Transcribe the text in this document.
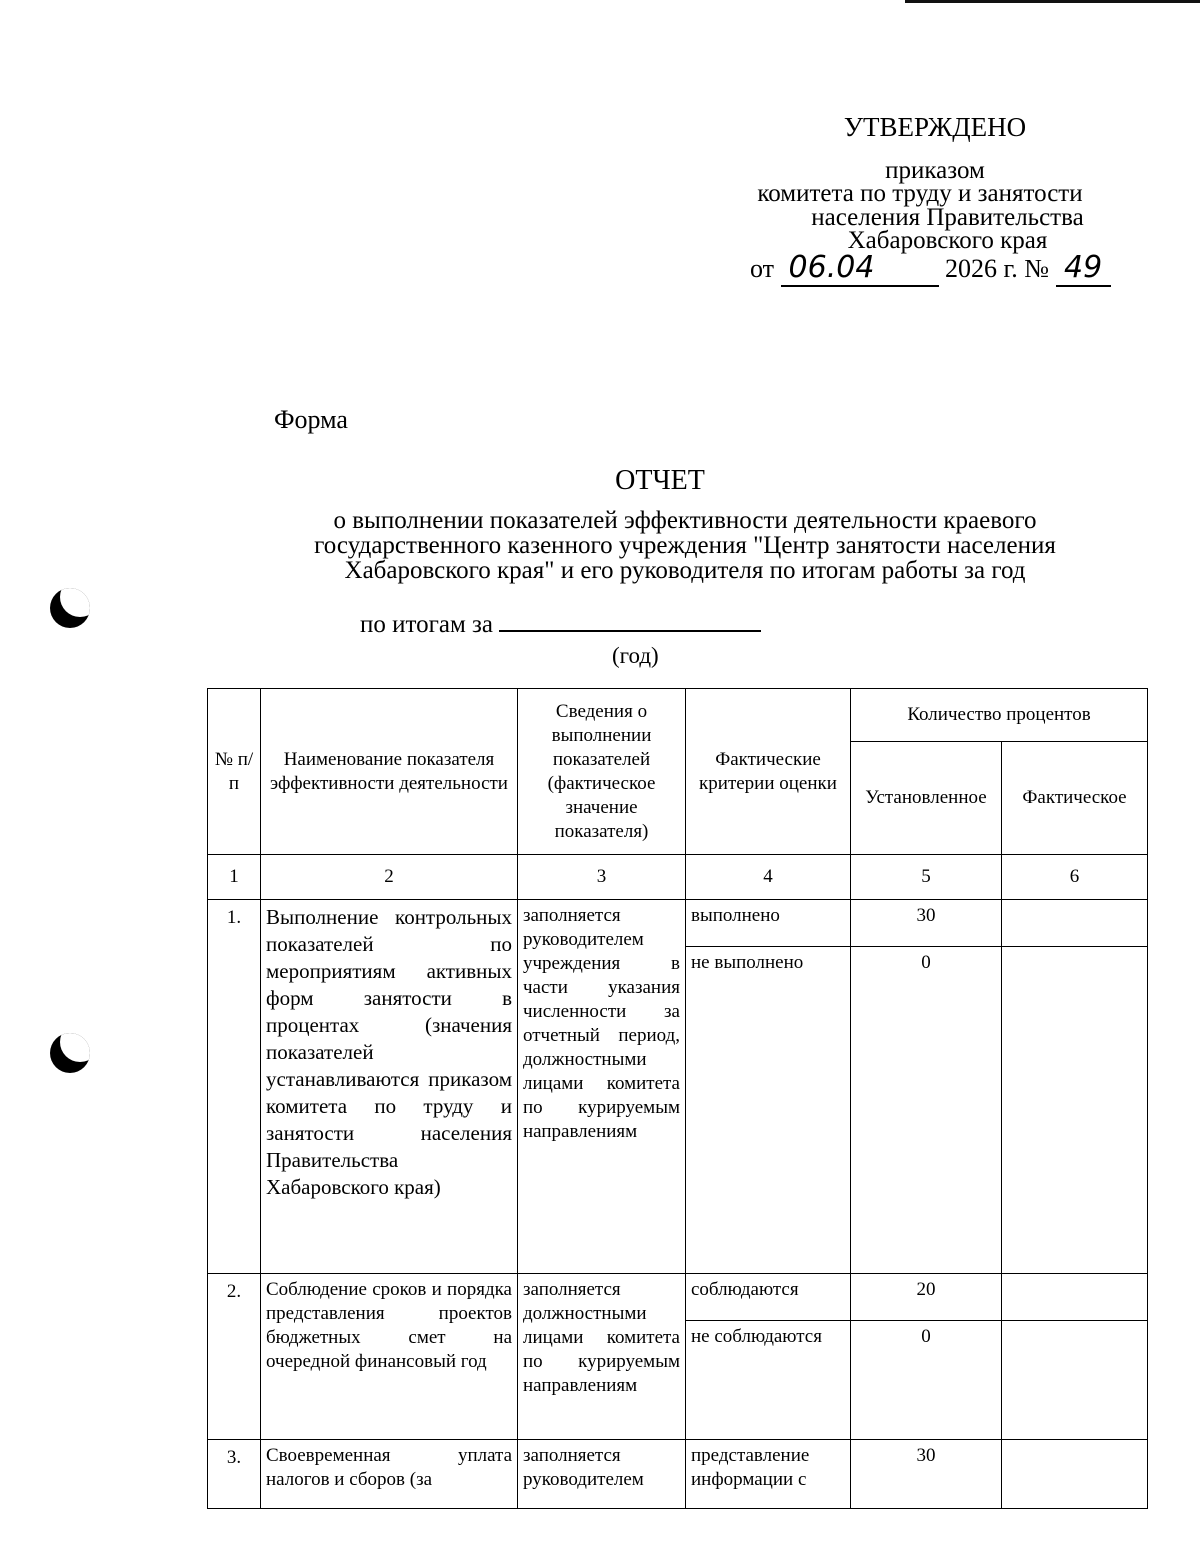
УТВЕРЖДЕНО
приказом
комитета по труду и занятости
населения Правительства
Хабаровского края
от 06.04	2026 г. № 49
Форма
ОТЧЕТ
о выполнении показателей эффективности деятельности краевого
государственного казенного учреждения "Центр занятости населения
Хабаровского края" и его руководителя по итогам работы за год
по итогам за
(год)
№ п/п	Наименование показателя эффективности деятельности	Сведения о выполнении показателей (фактическое значение показателя)	Фактические критерии оценки	Количество процентов	
				Установленное	Фактическое
1	2	3	4	5	6
1.	Выполнение контрольных показателей по мероприятиям активных форм занятости в процентах (значения показателей устанавливаются приказом комитета по труду и занятости населения Правительства Хабаровского края)	заполняется руководителем учреждения в части указания численности за отчетный период, должностными лицами комитета по курируемым направлениям	выполнено	30	
			не выполнено	0	
2.	Соблюдение сроков и порядка представления проектов бюджетных смет на очередной финансовый год	заполняется должностными лицами комитета по курируемым направлениям	соблюдаются	20	
			не соблюдаются	0	
3.	Своевременная уплата налогов и сборов (за	заполняется руководителем	представление информации с	30	
